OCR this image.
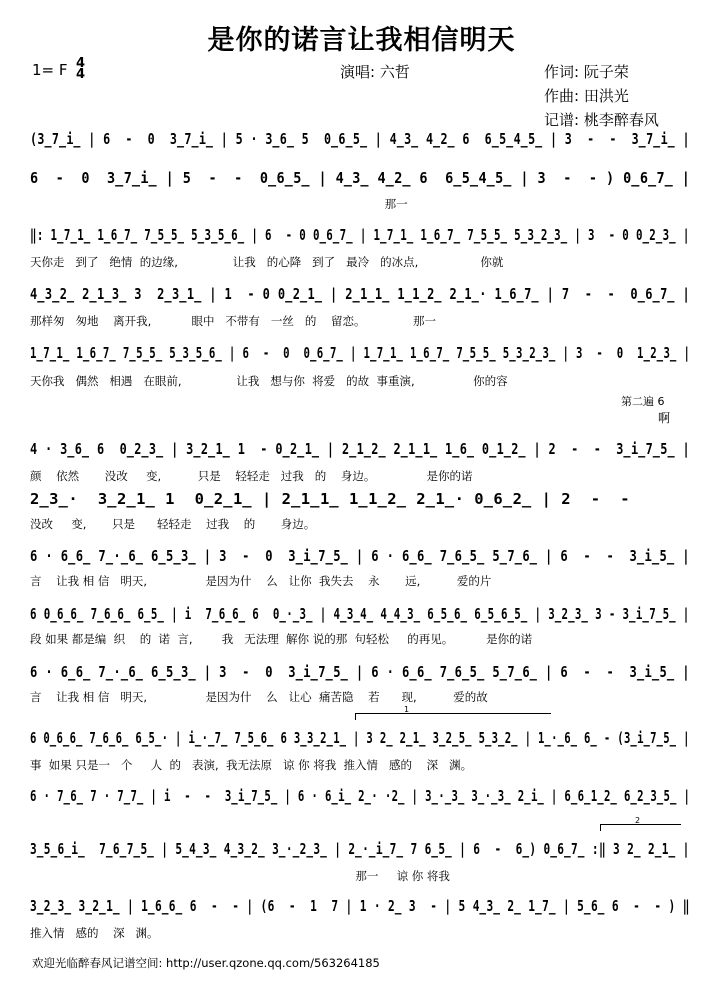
是你的诺言让我相信明天
1= F 4
4	演唱: 六哲	作词: 阮子荣
作曲: 田洪光
记谱: 桃李醉春风
(3̲7̲i̲ | 6  -  0  3̲7̲i̲ | 5 · 3̲6̲ 5  0̲6̲5̲ | 4̲3̲ 4̲2̲ 6  6̲5̲4̲5̲ | 3  -  -  3̲7̲i̲ |
6  -  0  3̲7̲i̲ | 5  -  -  0̲6̲5̲ | 4̲3̲ 4̲2̲ 6  6̲5̲4̲5̲ | 3  -  - ) 0̲6̲7̲ |
那一
‖: 1̲7̲1̲ 1̲6̲7̲ 7̲5̲5̲ 5̲3̲5̲6̲ | 6  - 0 0̲6̲7̲ | 1̲7̲1̲ 1̲6̲7̲ 7̲5̲5̲ 5̲3̲2̲3̲ | 3  - 0 0̲2̲3̲ |
天你走   到了   绝情  的边缘,               让我   的心降   到了   最冷   的冰点,                 你就
4̲3̲2̲ 2̲1̲3̲ 3  2̲3̲1̲ | 1  - 0 0̲2̲1̲ | 2̲1̲1̲ 1̲1̲2̲ 2̲1̲· 1̲6̲7̲ | 7  -  -  0̲6̲7̲ |
那样匆   匆地    离开我,           眼中   不带有   一丝   的    留恋。             那一
1̲7̲1̲ 1̲6̲7̲ 7̲5̲5̲ 5̲3̲5̲6̲ | 6  -  0  0̲6̲7̲ | 1̲7̲1̲ 1̲6̲7̲ 7̲5̲5̲ 5̲3̲2̲3̲ | 3  -  0  1̲2̲3̲ |
天你我   偶然   相遇   在眼前,               让我   想与你  将爱   的故  事重演,                你的容
第二遍 6
啊
4 · 3̲6̲ 6  0̲2̲3̲ | 3̲2̲1̲ 1  - 0̲2̲1̲ | 2̲1̲2̲ 2̲1̲1̲ 1̲6̲ 0̲1̲2̲ | 2  -  -  3̲i̲7̲5̲ |
颜    依然       没改     变,          只是    轻轻走   过我   的    身边。              是你的诺
2̲3̲·  3̲2̲1̲ 1  0̲2̲1̲ | 2̲1̲1̲ 1̲1̲2̲ 2̲1̲· 0̲6̲2̲ | 2  -  -
没改     变,       只是      轻轻走    过我    的       身边。
6 · 6̲6̲ 7̲·̲6̲ 6̲5̲3̲ | 3  -  0  3̲i̲7̲5̲ | 6 · 6̲6̲ 7̲6̲5̲ 5̲7̲6̲ | 6  -  -  3̲i̲5̲ |
言    让我 相 信   明天,                是因为什    么   让你  我失去    永       远,          爱的片
6 0̲6̲6̲ 7̲6̲6̲ 6̲5̲ | i  7̲6̲6̲ 6  0̲·̲3̲ | 4̲3̲4̲ 4̲4̲3̲ 6̲5̲6̲ 6̲5̲6̲5̲ | 3̲2̲3̲ 3 - 3̲i̲7̲5̲ |
段 如果 都是编  织    的  诺  言,        我   无法理  解你 说的那  句轻松     的再见。         是你的诺
6 · 6̲6̲ 7̲·̲6̲ 6̲5̲3̲ | 3  -  0  3̲i̲7̲5̲ | 6 · 6̲6̲ 7̲6̲5̲ 5̲7̲6̲ | 6  -  -  3̲i̲5̲ |
言    让我 相 信   明天,                是因为什    么   让心  痛苦隐    若      现,          爱的故
1
6 0̲6̲6̲ 7̲6̲6̲ 6̲5̲· | i̲·̲7̲ 7̲5̲6̲ 6 3̲3̲2̲1̲ | 3 2̲ 2̲1̲ 3̲2̲5̲ 5̲3̲2̲ | 1̲·̲6̲ 6̲ - (3̲i̲7̲5̲ |
事  如果 只是一   个     人  的   表演,  我无法原   谅 你 将我  推入情   感的    深   渊。
6 · 7̲6̲ 7 · 7̲7̲ | i  -  -  3̲i̲7̲5̲ | 6 · 6̲i̲ 2̲· ·2̲ | 3̲·̲3̲ 3̲·̲3̲ 2̲i̲ | 6̲6̲1̲2̲ 6̲2̲3̲5̲ |
2
3̲5̲6̲i̲  7̲6̲7̲5̲ | 5̲4̲3̲ 4̲3̲2̲ 3̲·̲2̲3̲ | 2̲·̲i̲7̲ 7 6̲5̲ | 6  -  6̲) 0̲6̲7̲ :‖ 3 2̲ 2̲1̲ |
那一     谅 你 将我
3̲2̲3̲ 3̲2̲1̲ | 1̲6̲6̲ 6  -  - | (6  -  1  7 | 1 · 2̲ 3  - | 5 4̲3̲ 2̲ 1̲7̲ | 5̲6̲ 6  -  - ) ‖
推入情   感的    深   渊。
欢迎光临醉春风记谱空间: http://user.qzone.qq.com/563264185
